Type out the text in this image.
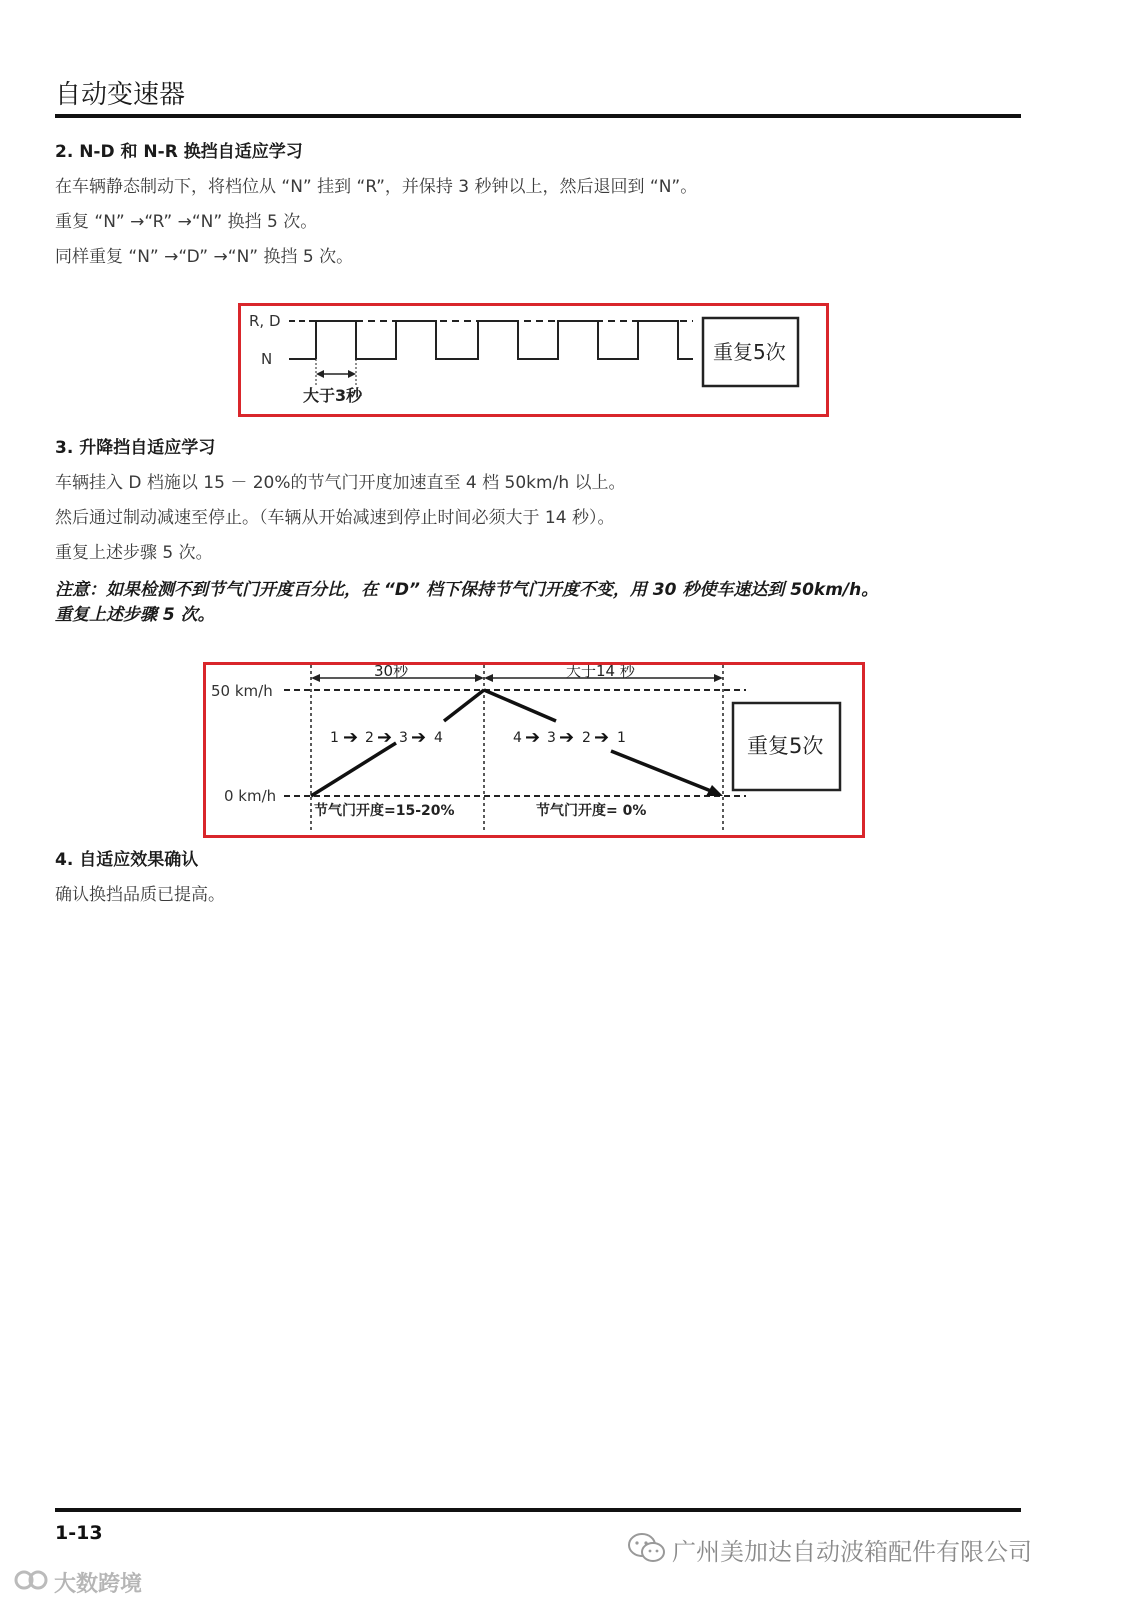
自动变速器
2. N-D 和 N-R 换挡自适应学习
在车辆静态制动下，将档位从 “N” 挂到 “R”，并保持 3 秒钟以上，然后退回到 “N”。
重复 “N” →“R” →“N” 换挡 5 次。
同样重复 “N” →“D” →“N” 换挡 5 次。
R, D
N
大于3秒
重复5次
3. 升降挡自适应学习
车辆挂入 D 档施以 15 － 20%的节气门开度加速直至 4 档 50km/h 以上。
然后通过制动减速至停止。（车辆从开始减速到停止时间必须大于 14 秒）。
重复上述步骤 5 次。
注意：如果检测不到节气门开度百分比，在 “D” 档下保持节气门开度不变，用 30 秒使车速达到 50km/h。
重复上述步骤 5 次。
30秒	大于14 秒
50 km/h
0 km/h
1 ➔ 2 ➔ 3 ➔ 4	4 ➔ 3 ➔ 2 ➔ 1
节气门开度=15-20%	节气门开度= 0%
重复5次
4. 自适应效果确认
确认换挡品质已提高。
1-13
广州美加达自动波箱配件有限公司
大数跨境
